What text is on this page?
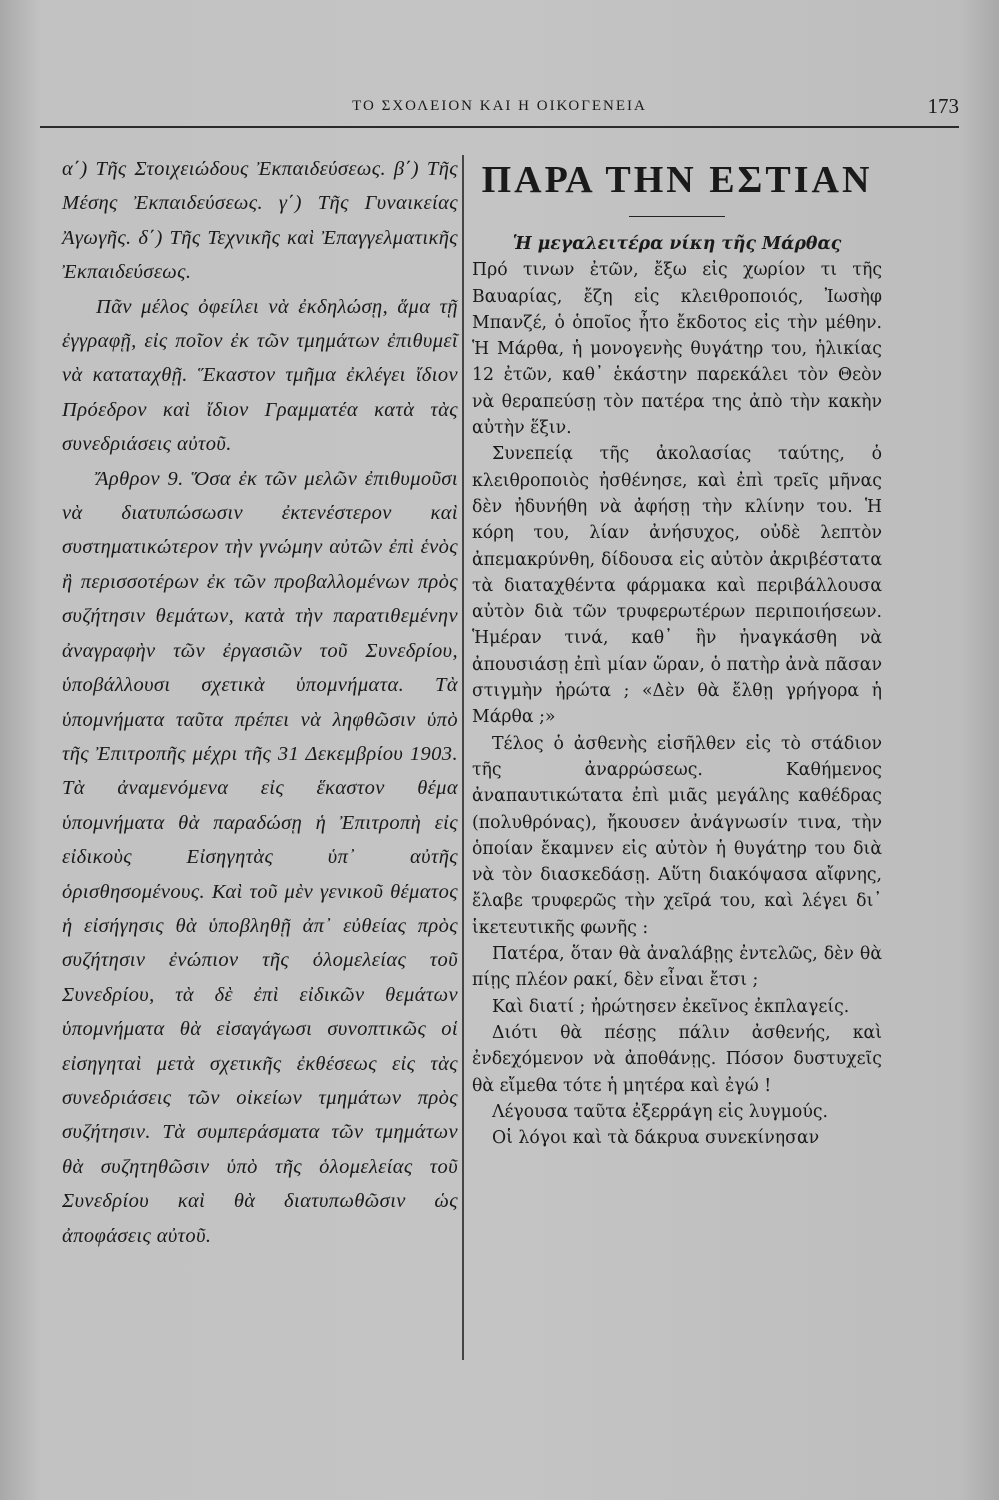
ΤΟ ΣΧΟΛΕΙΟΝ ΚΑΙ Η ΟΙΚΟΓΕΝΕΙΑ	173

α΄) Τῆς Στοιχειώδους Ἐκπαιδεύσεως. β΄) Τῆς Μέσης Ἐκπαιδεύσεως. γ΄) Τῆς Γυναικείας Ἀγωγῆς. δ΄) Τῆς Τεχνικῆς καὶ Ἐπαγγελματικῆς Ἐκπαιδεύσεως.

Πᾶν μέλος ὀφείλει νὰ ἐκδηλώσῃ, ἅμα τῇ ἐγγραφῇ, εἰς ποῖον ἐκ τῶν τμημάτων ἐπιθυμεῖ νὰ καταταχθῇ. Ἕκαστον τμῆμα ἐκλέγει ἴδιον Πρόεδρον καὶ ἴδιον Γραμματέα κατὰ τὰς συνεδριάσεις αὐτοῦ.

Ἄρθρον 9. Ὅσα ἐκ τῶν μελῶν ἐπιθυμοῦσι νὰ διατυπώσωσιν ἐκτενέστερον καὶ συστηματικώτερον τὴν γνώμην αὐτῶν ἐπὶ ἑνὸς ἢ περισσοτέρων ἐκ τῶν προβαλλομένων πρὸς συζήτησιν θεμάτων, κατὰ τὴν παρατιθεμένην ἀναγραφὴν τῶν ἐργασιῶν τοῦ Συνεδρίου, ὑποβάλλουσι σχετικὰ ὑπομνήματα. Τὰ ὑπομνήματα ταῦτα πρέπει νὰ ληφθῶσιν ὑπὸ τῆς Ἐπιτροπῆς μέχρι τῆς 31 Δεκεμβρίου 1903. Τὰ ἀναμενόμενα εἰς ἕκαστον θέμα ὑπομνήματα θὰ παραδώσῃ ἡ Ἐπιτροπὴ εἰς εἰδικοὺς Εἰσηγητὰς ὑπ᾿ αὐτῆς ὁρισθησομένους. Καὶ τοῦ μὲν γενικοῦ θέματος ἡ εἰσήγησις θὰ ὑποβληθῇ ἀπ᾿ εὐθείας πρὸς συζήτησιν ἐνώπιον τῆς ὁλομελείας τοῦ Συνεδρίου, τὰ δὲ ἐπὶ εἰδικῶν θεμάτων ὑπομνήματα θὰ εἰσαγάγωσι συνοπτικῶς οἱ εἰσηγηταὶ μετὰ σχετικῆς ἐκθέσεως εἰς τὰς συνεδριάσεις τῶν οἰκείων τμημάτων πρὸς συζήτησιν. Τὰ συμπεράσματα τῶν τμημάτων θὰ συζητηθῶσιν ὑπὸ τῆς ὁλομελείας τοῦ Συνεδρίου καὶ θὰ διατυπωθῶσιν ὡς ἀποφάσεις αὐτοῦ.

ΠΑΡΑ ΤΗΝ ΕΣΤΙΑΝ

Ἡ μεγαλειτέρα νίκη τῆς Μάρθας

Πρό τινων ἐτῶν, ἔξω εἰς χωρίον τι τῆς Βαυαρίας, ἔζη εἰς κλειθροποιός, Ἰωσὴφ Μπανζέ, ὁ ὁποῖος ἦτο ἔκδοτος εἰς τὴν μέθην. Ἡ Μάρθα, ἡ μονογενὴς θυγάτηρ του, ἡλικίας 12 ἐτῶν, καθ᾿ ἑκάστην παρεκάλει τὸν Θεὸν νὰ θεραπεύσῃ τὸν πατέρα της ἀπὸ τὴν κακὴν αὐτὴν ἕξιν.

Συνεπείᾳ τῆς ἀκολασίας ταύτης, ὁ κλειθροποιὸς ἠσθένησε, καὶ ἐπὶ τρεῖς μῆνας δὲν ἠδυνήθη νὰ ἀφήσῃ τὴν κλίνην του. Ἡ κόρη του, λίαν ἀνήσυχος, οὐδὲ λεπτὸν ἀπεμακρύνθη, δίδουσα εἰς αὐτὸν ἀκριβέστατα τὰ διαταχθέντα φάρμακα καὶ περιβάλλουσα αὐτὸν διὰ τῶν τρυφερωτέρων περιποιήσεων. Ἡμέραν τινά, καθ᾿ ἣν ἠναγκάσθη νὰ ἀπουσιάσῃ ἐπὶ μίαν ὥραν, ὁ πατὴρ ἀνὰ πᾶσαν στιγμὴν ἠρώτα ; «Δὲν θὰ ἔλθῃ γρήγορα ἡ Μάρθα ;»

Τέλος ὁ ἀσθενὴς εἰσῆλθεν εἰς τὸ στάδιον τῆς ἀναρρώσεως. Καθήμενος ἀναπαυτικώτατα ἐπὶ μιᾶς μεγάλης καθέδρας (πολυθρόνας), ἤκουσεν ἀνάγνωσίν τινα, τὴν ὁποίαν ἔκαμνεν εἰς αὐτὸν ἡ θυγάτηρ του διὰ νὰ τὸν διασκεδάσῃ. Αὕτη διακόψασα αἴφνης, ἔλαβε τρυφερῶς τὴν χεῖρά του, καὶ λέγει δι᾿ ἱκετευτικῆς φωνῆς :

Πατέρα, ὅταν θὰ ἀναλάβῃς ἐντελῶς, δὲν θὰ πίῃς πλέον ρακί, δὲν εἶναι ἔτσι ;

Καὶ διατί ; ἠρώτησεν ἐκεῖνος ἐκπλαγείς.

Διότι θὰ πέσῃς πάλιν ἀσθενής, καὶ ἐνδεχόμενον νὰ ἀποθάνῃς. Πόσον δυστυχεῖς θὰ εἴμεθα τότε ἡ μητέρα καὶ ἐγώ !

Λέγουσα ταῦτα ἐξερράγη εἰς λυγμούς.

Οἱ λόγοι καὶ τὰ δάκρυα συνεκίνησαν
